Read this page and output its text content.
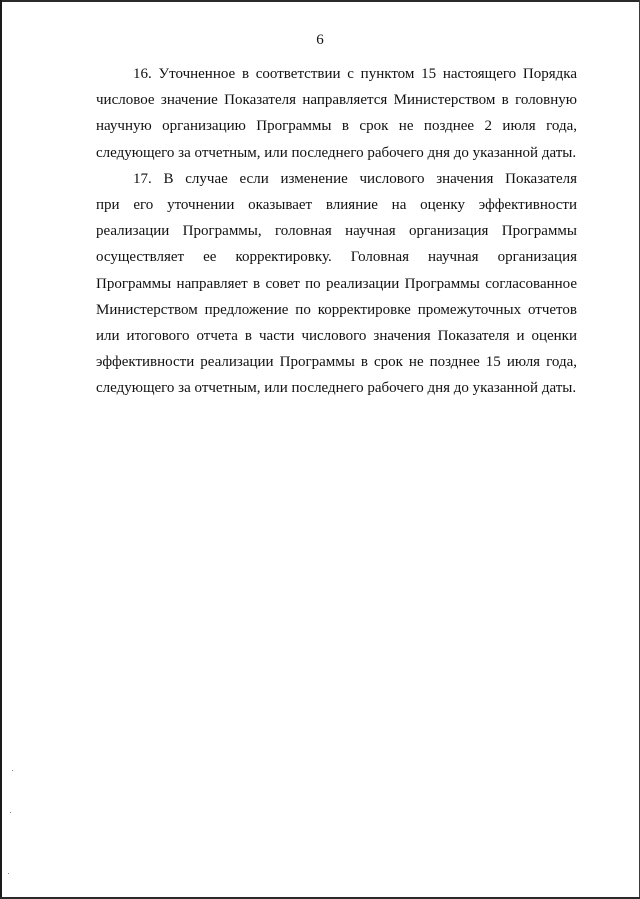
6
16. Уточненное в соответствии с пунктом 15 настоящего Порядка
числовое значение Показателя направляется Министерством в головную
научную организацию Программы в срок не позднее 2 июля года,
следующего за отчетным, или последнего рабочего дня до указанной даты.
17. В случае если изменение числового значения Показателя
при его уточнении оказывает влияние на оценку эффективности
реализации Программы, головная научная организация Программы
осуществляет ее корректировку. Головная научная организация
Программы направляет в совет по реализации Программы согласованное
Министерством предложение по корректировке промежуточных отчетов
или итогового отчета в части числового значения Показателя и оценки
эффективности реализации Программы в срок не позднее 15 июля года,
следующего за отчетным, или последнего рабочего дня до указанной даты.
